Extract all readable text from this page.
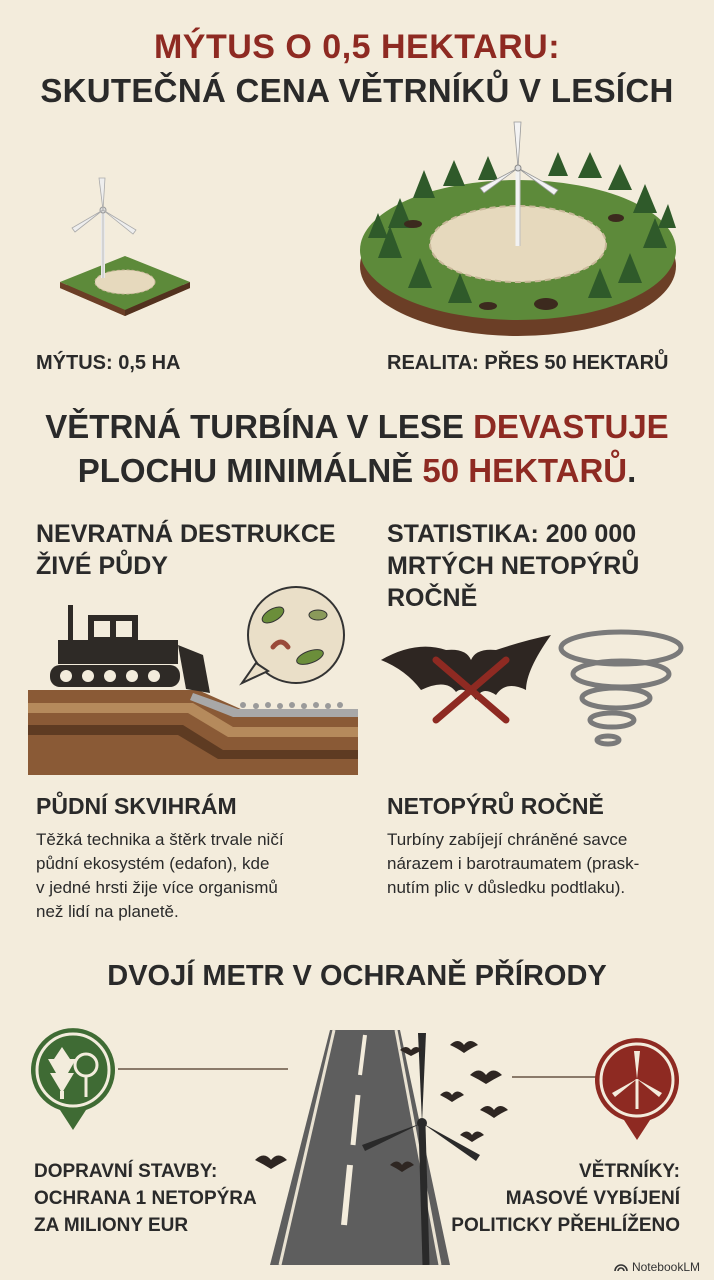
MÝTUS O 0,5 HEKTARU:
SKUTEČNÁ CENA VĚTRNÍKŮ V LESÍCH
MÝTUS: 0,5 HA	REALITA: PŘES 50 HEKTARŮ
VĚTRNÁ TURBÍNA V LESE DEVASTUJE
PLOCHU MINIMÁLNĚ 50 HEKTARŮ.
NEVRATNÁ DESTRUKCE
ŽIVÉ PŮDY
STATISTIKA: 200 000
MRTÝCH NETOPÝRŮ ROČNĚ
PŮDNÍ SKVIHRÁM
Těžká technika a štěrk trvale ničí
půdní ekosystém (edafon), kde
v jedné hrsti žije více organismů
než lidí na planetě.
NETOPÝRŮ ROČNĚ
Turbíny zabíjejí chráněné savce
nárazem i barotraumatem (prask-
nutím plic v důsledku podtlaku).
DVOJÍ METR V OCHRANĚ PŘÍRODY
DOPRAVNÍ STAVBY:
OCHRANA 1 NETOPÝRA
ZA MILIONY EUR
VĚTRNÍKY:
MASOVÉ VYBÍJENÍ
POLITICKY PŘEHLÍŽENO
NotebookLM
